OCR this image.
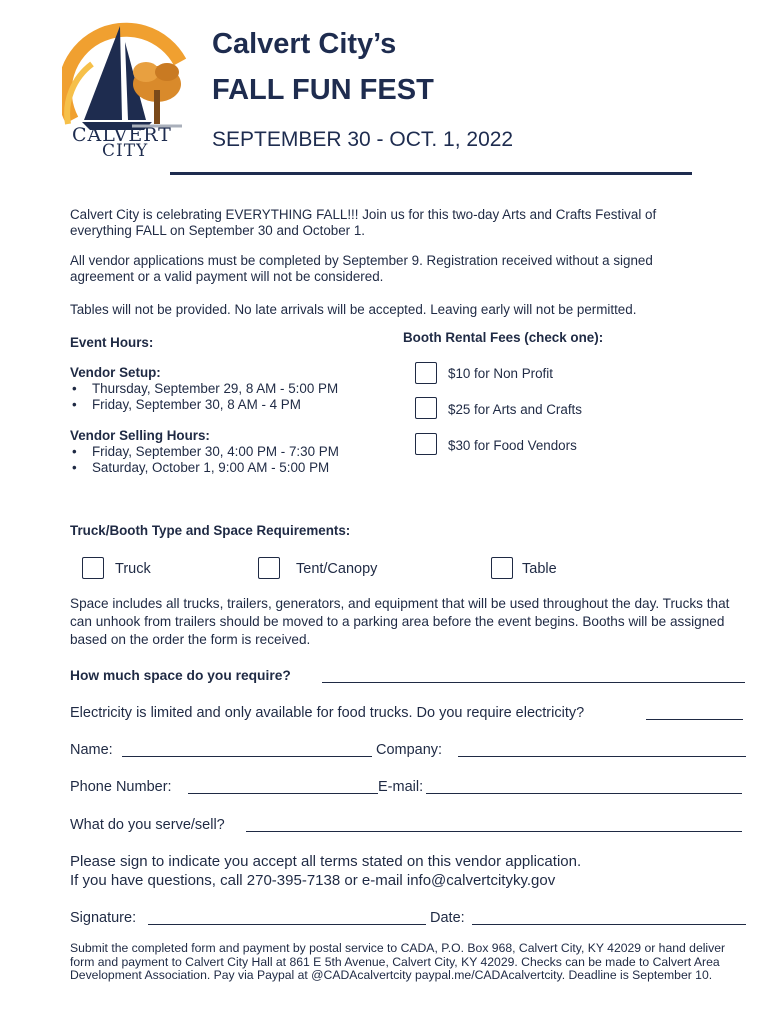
CALVERT
CITY
Calvert City’s
FALL FUN FEST
SEPTEMBER 30 - OCT. 1, 2022
Calvert City is celebrating EVERYTHING FALL!!! Join us for this two-day Arts and Crafts Festival of everything FALL on September 30 and October 1.
All vendor applications must be completed by September 9. Registration received without a signed agreement or a valid payment will not be considered.
Tables will not be provided. No late arrivals will be accepted. Leaving early will not be permitted.
Event Hours:
Vendor Setup:
• Thursday, September 29, 8 AM - 5:00 PM
• Friday, September 30, 8 AM - 4 PM
Vendor Selling Hours:
• Friday, September 30, 4:00 PM - 7:30 PM
• Saturday, October 1, 9:00 AM - 5:00 PM
Booth Rental Fees (check one):
$10 for Non Profit
$25 for Arts and Crafts
$30 for Food Vendors
Truck/Booth Type and Space Requirements:
Truck	Tent/Canopy	Table
Space includes all trucks, trailers, generators, and equipment that will be used throughout the day. Trucks that can unhook from trailers should be moved to a parking area before the event begins. Booths will be assigned based on the order the form is received.
How much space do you require?
Electricity is limited and only available for food trucks. Do you require electricity?
Name:	Company:
Phone Number:	E-mail:
What do you serve/sell?
Please sign to indicate you accept all terms stated on this vendor application.
If you have questions, call 270-395-7138 or e-mail info@calvertcityky.gov
Signature:	Date:
Submit the completed form and payment by postal service to CADA, P.O. Box 968, Calvert City, KY 42029 or hand deliver form and payment to Calvert City Hall at 861 E 5th Avenue, Calvert City, KY 42029. Checks can be made to Calvert Area Development Association. Pay via Paypal at @CADAcalvertcity paypal.me/CADAcalvertcity. Deadline is September 10.
